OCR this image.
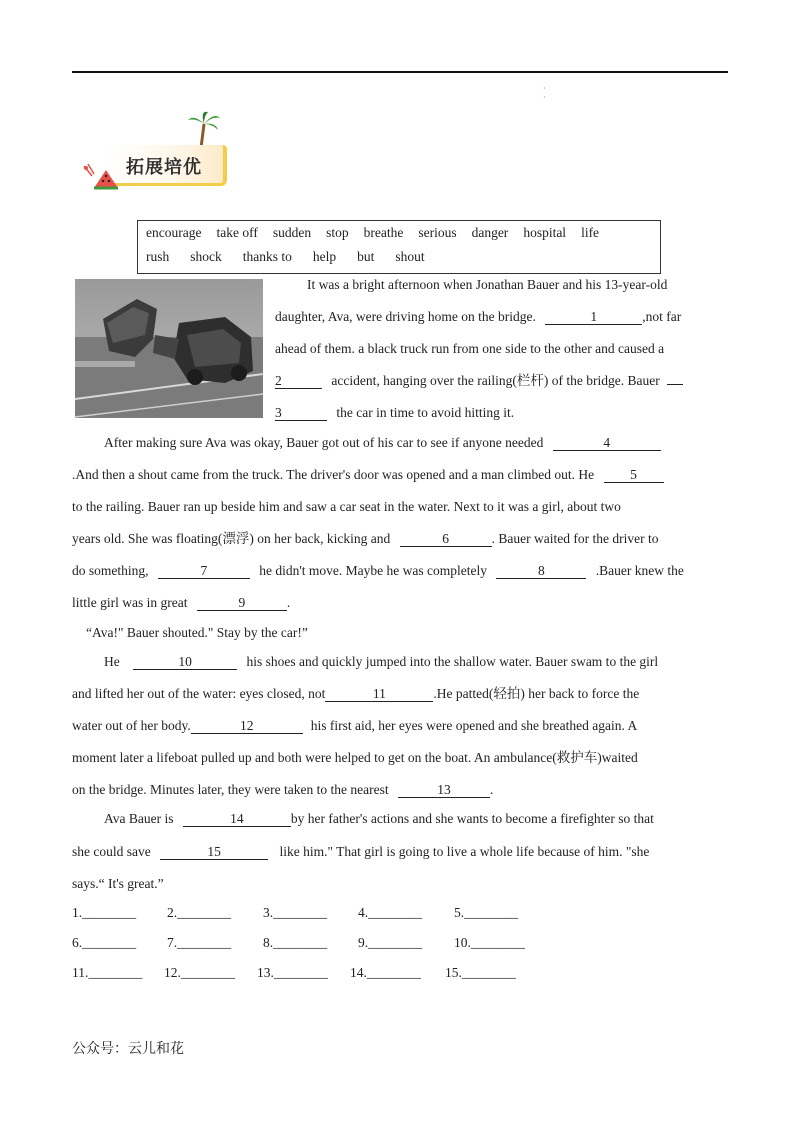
·
·
拓展培优
encourage take off sudden stop breathe serious danger hospital life
rush shock thanks to help but shout
It was a bright afternoon when Jonathan Bauer and his 13-year-old
daughter, Ava, were driving home on the bridge.	1	,not far
ahead of them. a black truck run from one side to the other and caused a
2	accident, hanging over the railing(栏杆) of the bridge. Bauer
3	the car in time to avoid hitting it.
After making sure Ava was okay, Bauer got out of his car to see if anyone needed	4
.And then a shout came from the truck. The driver's door was opened and a man climbed out. He	5
to the railing. Bauer ran up beside him and saw a car seat in the water. Next to it was a girl, about two
years old. She was floating(漂浮) on her back, kicking and	6	. Bauer waited for the driver to
do something,	7	he didn't move. Maybe he was completely	8	.Bauer knew the
little girl was in great	9	.
“Ava!" Bauer shouted." Stay by the car!”
He	10	his shoes and quickly jumped into the shallow water. Bauer swam to the girl
and lifted her out of the water: eyes closed, not	11	.He patted(轻拍) her back to force the
water out of her body.	12	his first aid, her eyes were opened and she breathed again. A
moment later a lifeboat pulled up and both were helped to get on the boat. An ambulance(救护车)waited
on the bridge. Minutes later, they were taken to the nearest	13	.
Ava Bauer is	14	by her father's actions and she wants to become a firefighter so that
she could save	15	like him." That girl is going to live a whole life because of him. "she
says.“ It's great.”
1.________ 2.________ 3.________ 4.________ 5.________
6.________ 7.________ 8.________ 9.________ 10.________
11.________ 12.________ 13.________ 14.________ 15.________
公众号：云儿和花
